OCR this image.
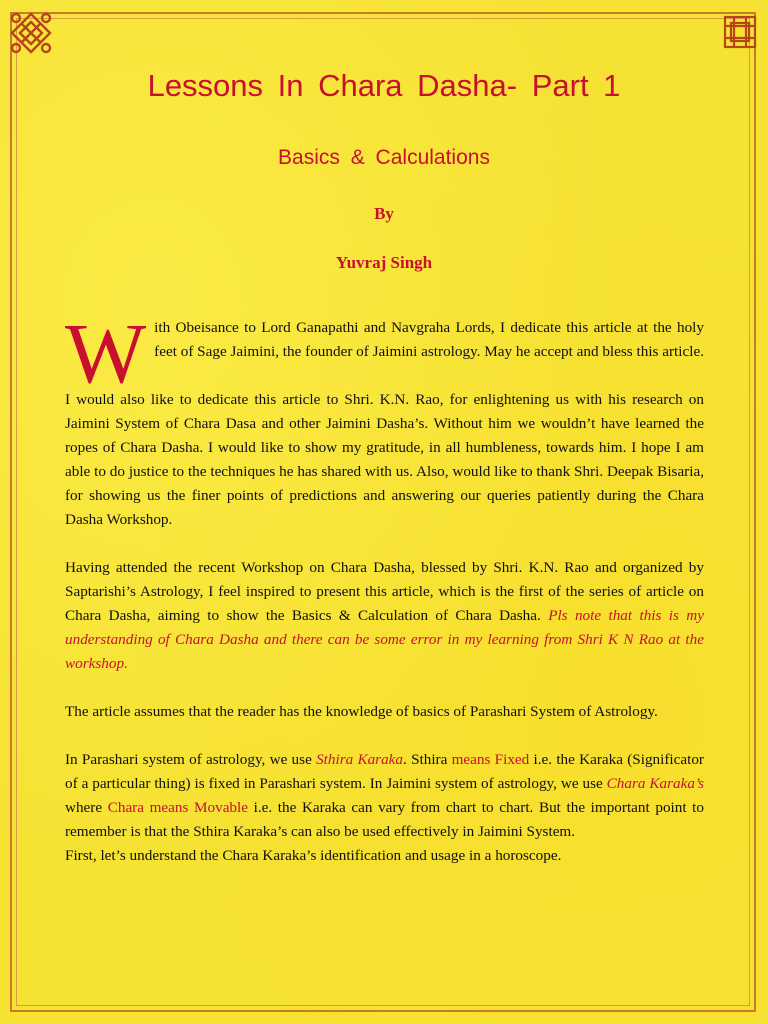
Lessons In Chara Dasha- Part 1
Basics & Calculations
By
Yuvraj Singh

W ith Obeisance to Lord Ganapathi and Navgraha Lords, I dedicate this article at the holy feet of Sage Jaimini, the founder of Jaimini astrology. May he accept and bless this article.

I would also like to dedicate this article to Shri. K.N. Rao, for enlightening us with his research on Jaimini System of Chara Dasa and other Jaimini Dasha’s. Without him we wouldn’t have learned the ropes of Chara Dasha. I would like to show my gratitude, in all humbleness, towards him. I hope I am able to do justice to the techniques he has shared with us. Also, would like to thank Shri. Deepak Bisaria, for showing us the finer points of predictions and answering our queries patiently during the Chara Dasha Workshop.

Having attended the recent Workshop on Chara Dasha, blessed by Shri. K.N. Rao and organized by Saptarishi’s Astrology, I feel inspired to present this article, which is the first of the series of article on Chara Dasha, aiming to show the Basics & Calculation of Chara Dasha. Pls note that this is my understanding of Chara Dasha and there can be some error in my learning from Shri K N Rao at the workshop.

The article assumes that the reader has the knowledge of basics of Parashari System of Astrology.

In Parashari system of astrology, we use Sthira Karaka. Sthira means Fixed i.e. the Karaka (Significator of a particular thing) is fixed in Parashari system. In Jaimini system of astrology, we use Chara Karaka’s where Chara means Movable i.e. the Karaka can vary from chart to chart. But the important point to remember is that the Sthira Karaka’s can also be used effectively in Jaimini System.

First, let’s understand the Chara Karaka’s identification and usage in a horoscope.
